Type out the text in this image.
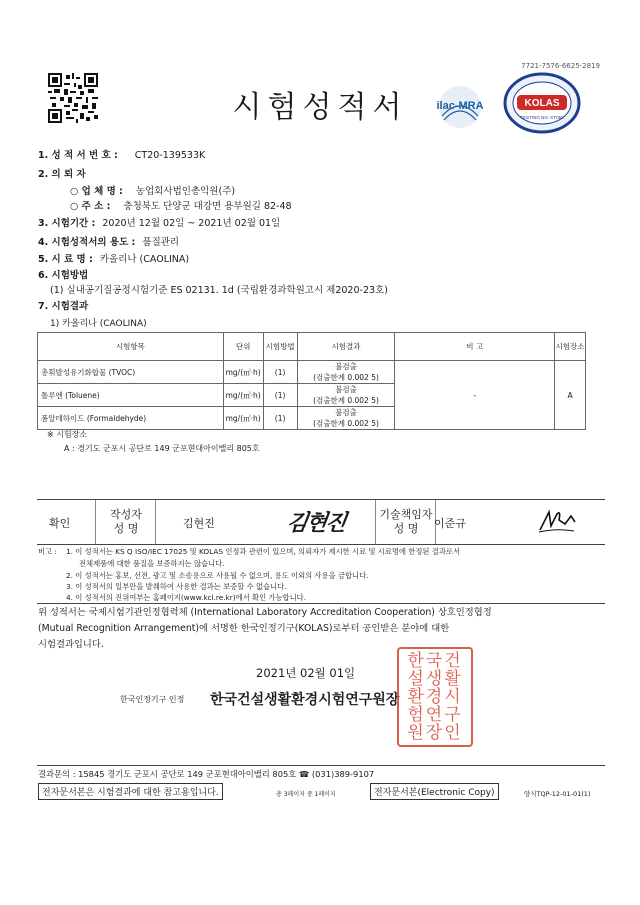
7721-7576-6625-2819
시험성적서	ilac-MRA	KOLAS
TESTING NO. KT062
1. 성 적 서 번 호 : CT20-139533K
2. 의 뢰 자
○ 업 체 명 : 농업회사법인총익원(주)
○ 주 소 : 충청북도 단양군 대강면 용부원길 82-48
3. 시험기간 : 2020년 12월 02일 ~ 2021년 02월 01일
4. 시험성적서의 용도 : 품질관리
5. 시 료 명 : 카올리나 (CAOLINA)
6. 시험방법
(1) 실내공기질공정시험기준 ES 02131. 1d (국립환경과학원고시 제2020-23호)
7. 시험결과
1) 카올리나 (CAOLINA)
시험항목	단위	시험방법	시험결과	비 고	시험장소
총휘발성유기화합물 (TVOC)	mg/(㎡·h)	(1)	불검출
(검출한계 0.002 5)	-	A
톨루엔 (Toluene)	mg/(㎡·h)	(1)	불검출
(검출한계 0.002 5)		

폼알데하이드 (Formaldehyde)	mg/(㎡·h)	(1)	불검출
(검출한계 0.002 5)		
※ 시험장소
A : 경기도 군포시 공단로 149 군포현대아이밸리 805호
확인
작성자
성 명	김현진	김현진	기술책임자
성 명	이준규
비고 : 1. 이 성적서는 KS Q ISO/IEC 17025 및 KOLAS 인정과 관련이 있으며, 의뢰자가 제시한 시료 및 시료명에 한정된 결과로서
전체제품에 대한 품질을 보증하지는 않습니다.
2. 이 성적서는 홍보, 선전, 광고 및 소송용으로 사용될 수 없으며, 용도 이외의 사용을 금합니다.
3. 이 성적서의 일부만을 발췌하여 사용한 결과는 보증할 수 없습니다.
4. 이 성적서의 진위여부는 홈페이지(www.kcl.re.kr)에서 확인 가능합니다.
위 성적서는 국제시험기관인정협력체 (International Laboratory Accreditation Cooperation) 상호인정협정
(Mutual Recognition Arrangement)에 서명한 한국인정기구(KOLAS)로부터 공인받은 분야에 대한
시험결과입니다.
2021년 02월 01일
한국인정기구 인정 한국건설생활환경시험연구원장
한국건설생활환경시험연구원장인
결과문의 : 15845 경기도 군포시 공단로 149 군포현대아이밸리 805호 ☎ (031)389-9107
전자문서본은 시험결과에 대한 참고용입니다.	총 3페이지 중 1페이지	전자문서본(Electronic Copy)	양식TQP-12-01-01(1)
